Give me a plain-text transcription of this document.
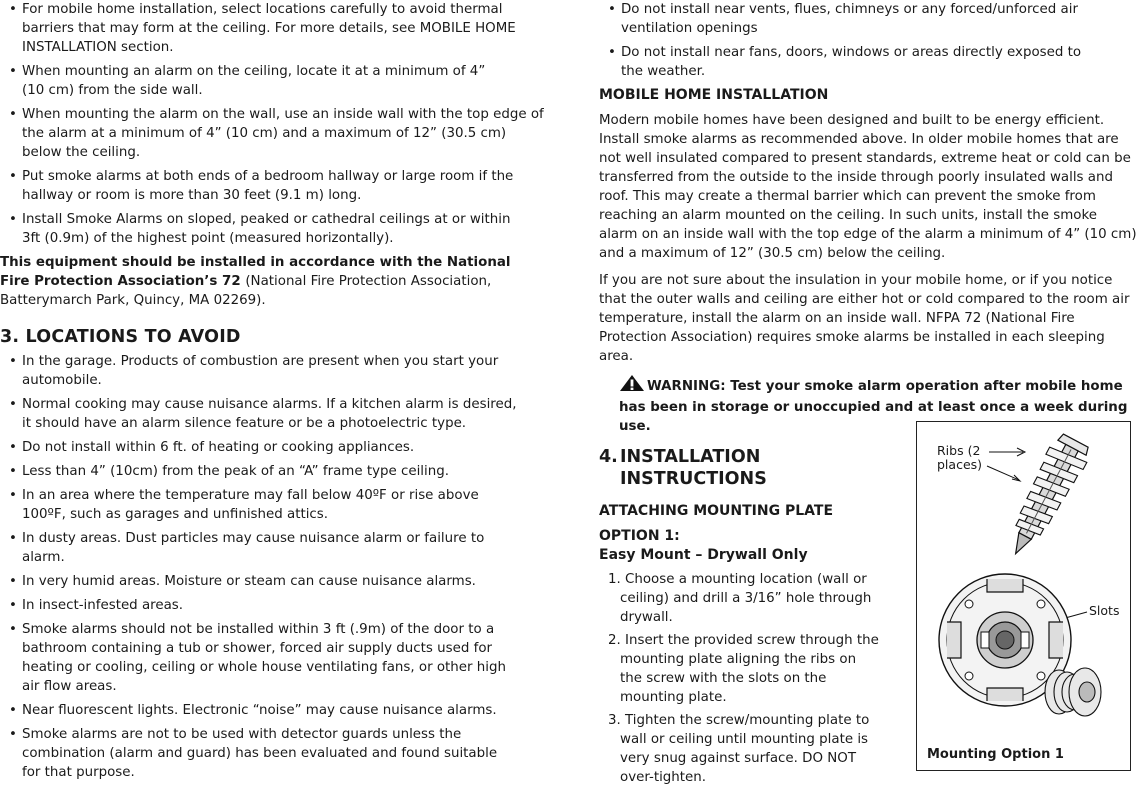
• For mobile home installation, select locations carefully to avoid thermal barriers that may form at the ceiling. For more details, see MOBILE HOME INSTALLATION section.
• When mounting an alarm on the ceiling, locate it at a minimum of 4” (10 cm) from the side wall.
• When mounting the alarm on the wall, use an inside wall with the top edge of the alarm at a minimum of 4” (10 cm) and a maximum of 12” (30.5 cm) below the ceiling.
• Put smoke alarms at both ends of a bedroom hallway or large room if the hallway or room is more than 30 feet (9.1 m) long.
• Install Smoke Alarms on sloped, peaked or cathedral ceilings at or within 3ft (0.9m) of the highest point (measured horizontally).

This equipment should be installed in accordance with the National Fire Protection Association’s 72 (National Fire Protection Association, Batterymarch Park, Quincy, MA 02269).

3. LOCATIONS TO AVOID
• In the garage. Products of combustion are present when you start your automobile.
• Normal cooking may cause nuisance alarms. If a kitchen alarm is desired, it should have an alarm silence feature or be a photoelectric type.
• Do not install within 6 ft. of heating or cooking appliances.
• Less than 4” (10cm) from the peak of an “A” frame type ceiling.
• In an area where the temperature may fall below 40ºF or rise above 100ºF, such as garages and unfinished attics.
• In dusty areas. Dust particles may cause nuisance alarm or failure to alarm.
• In very humid areas. Moisture or steam can cause nuisance alarms.
• In insect-infested areas.
• Smoke alarms should not be installed within 3 ft (.9m) of the door to a bathroom containing a tub or shower, forced air supply ducts used for heating or cooling, ceiling or whole house ventilating fans, or other high air flow areas.
• Near fluorescent lights. Electronic “noise” may cause nuisance alarms.
• Smoke alarms are not to be used with detector guards unless the combination (alarm and guard) has been evaluated and found suitable for that purpose.
• Do not install near vents, flues, chimneys or any forced/unforced air ventilation openings
• Do not install near fans, doors, windows or areas directly exposed to the weather.
MOBILE HOME INSTALLATION

Modern mobile homes have been designed and built to be energy efficient. Install smoke alarms as recommended above. In older mobile homes that are not well insulated compared to present standards, extreme heat or cold can be transferred from the outside to the inside through poorly insulated walls and roof. This may create a thermal barrier which can prevent the smoke from reaching an alarm mounted on the ceiling. In such units, install the smoke alarm on an inside wall with the top edge of the alarm a minimum of 4” (10 cm) and a maximum of 12” (30.5 cm) below the ceiling.

If you are not sure about the insulation in your mobile home, or if you notice that the outer walls and ceiling are either hot or cold compared to the room air temperature, install the alarm on an inside wall. NFPA 72 (National Fire Protection Association) requires smoke alarms be installed in each sleeping area.

WARNING: Test your smoke alarm operation after mobile home has been in storage or unoccupied and at least once a week during use.

4. INSTALLATION
INSTRUCTIONS
ATTACHING MOUNTING PLATE
OPTION 1:
Easy Mount – Drywall Only
1. Choose a mounting location (wall or ceiling) and drill a 3/16” hole through drywall.
2. Insert the provided screw through the mounting plate aligning the ribs on the screw with the slots on the mounting plate.
3. Tighten the screw/mounting plate to wall or ceiling until mounting plate is very snug against surface. DO NOT over-tighten.
Ribs (2
places)
Slots
Mounting Option 1
